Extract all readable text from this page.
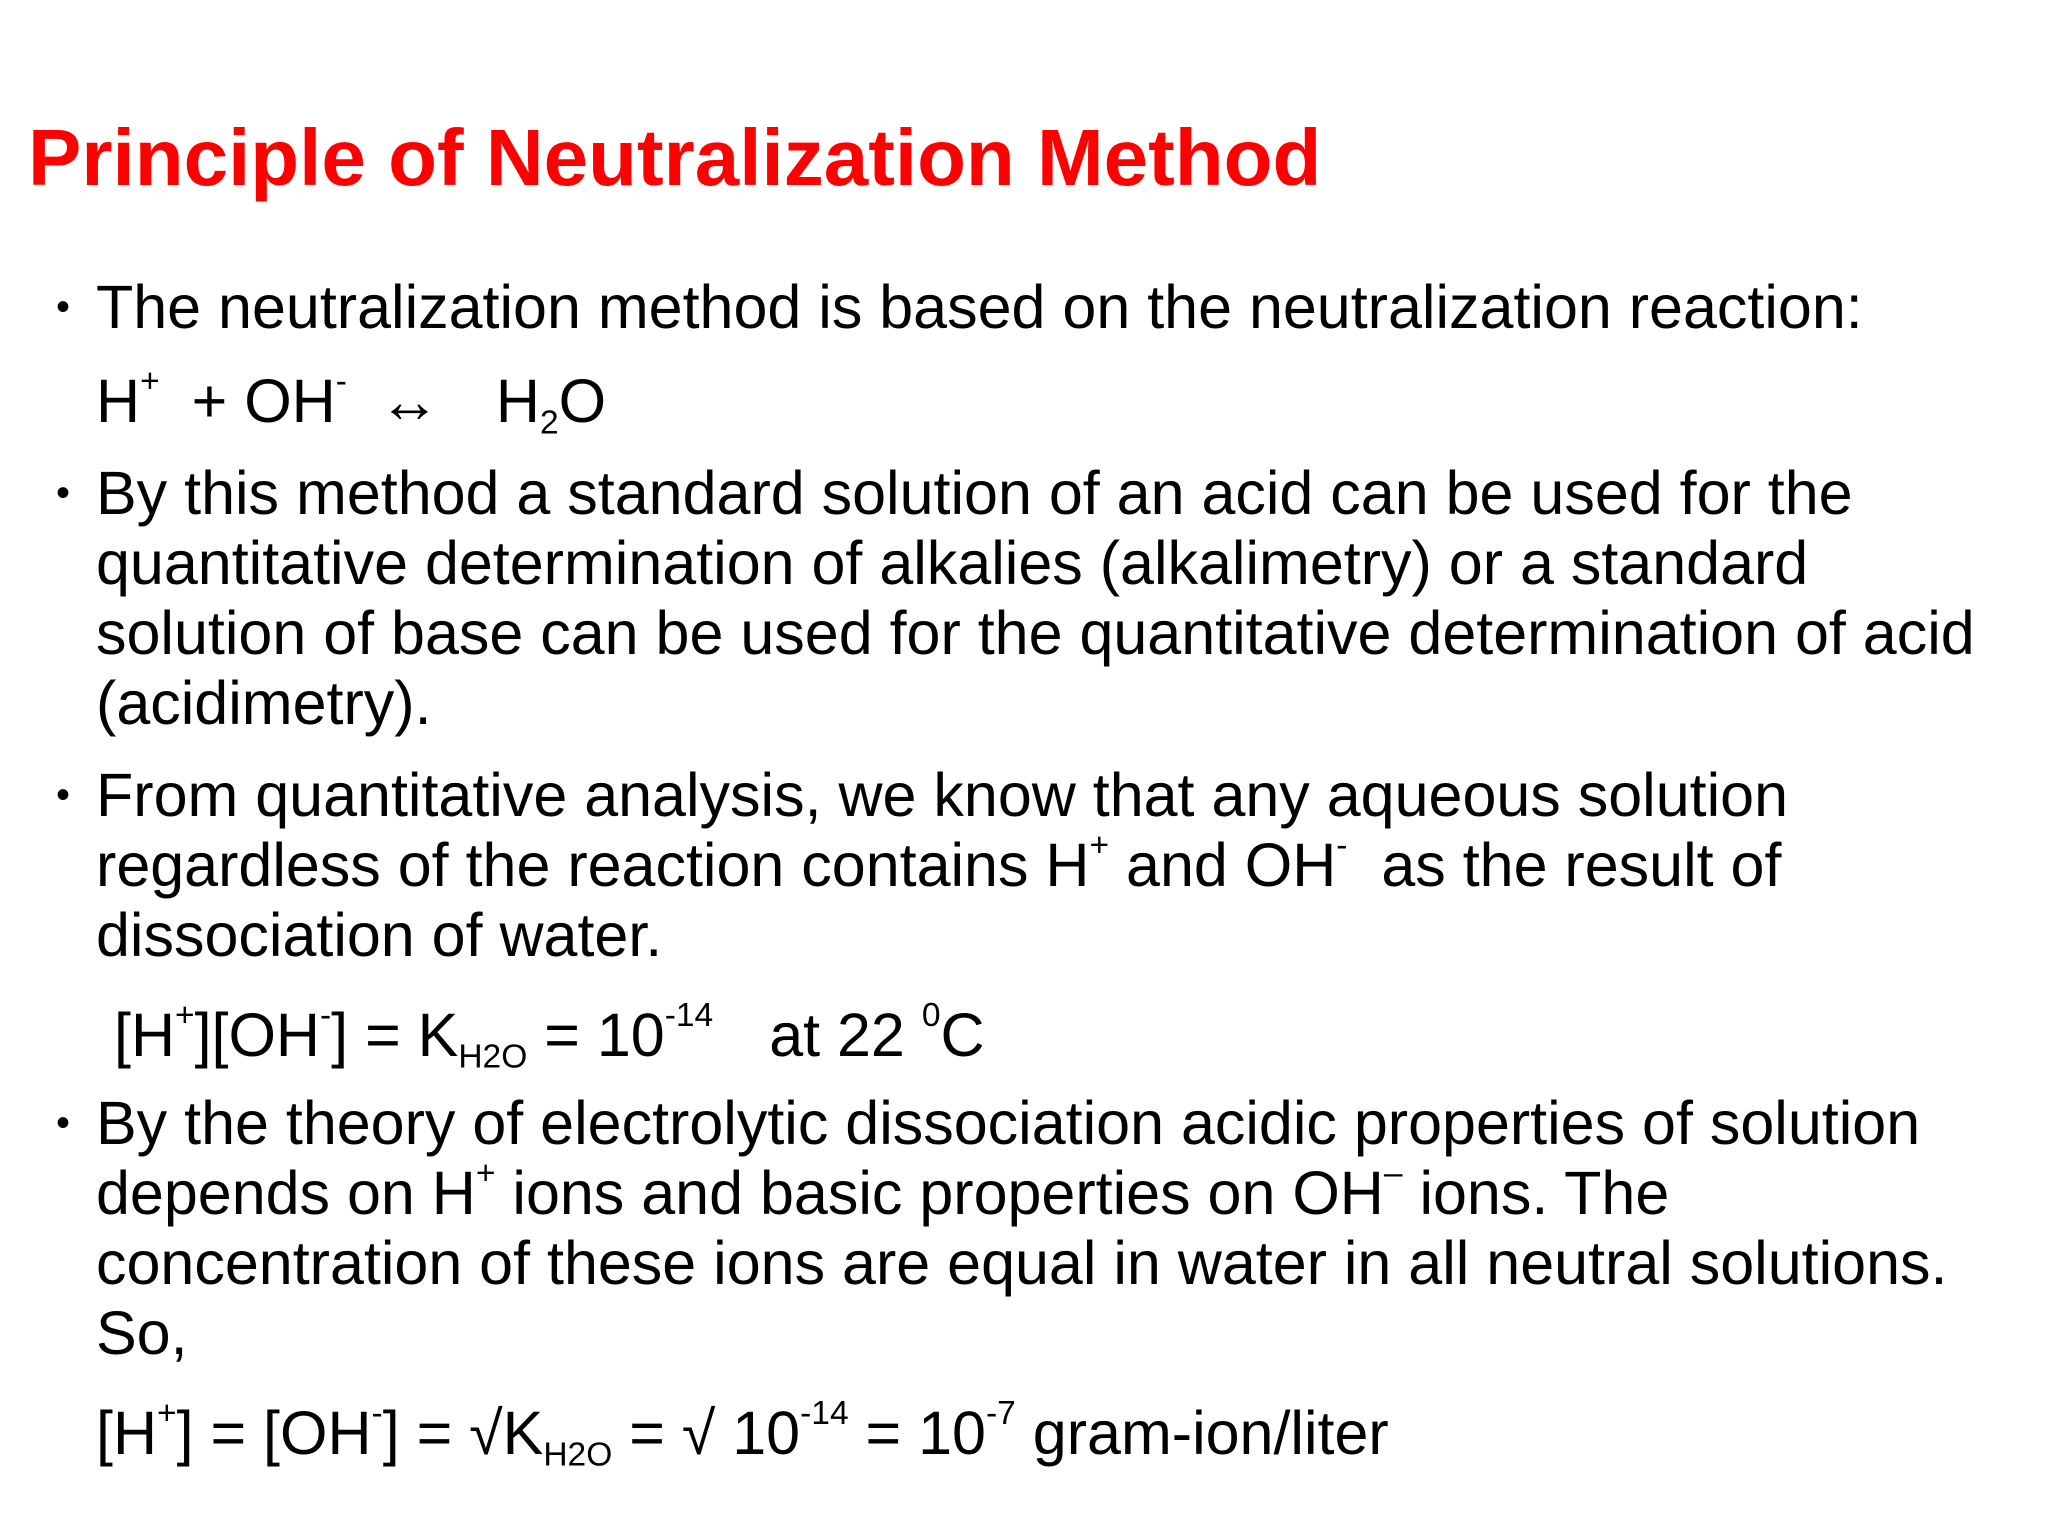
Principle of Neutralization Method

• The neutralization method is based on the neutralization reaction:

H+ + OH- ↔ $H_2O$

• By this method a standard solution of an acid can be used for the quantitative determination of alkalies (alkalimetry) or a standard solution of base can be used for the quantitative determination of acid (acidimetry).

• From quantitative analysis, we know that any aqueous solution regardless of the reaction contains H+ and OH-  as the result of dissociation of water.

$[H^+][OH^-] = K_{H2O} = 10^{-14}$ at 22 $^0$C

• By the theory of electrolytic dissociation acidic properties of solution depends on H+ ions and basic properties on OH– ions. The concentration of these ions are equal in water in all neutral solutions. So,

$[H^+] = [OH^-] = √K_{H2O}$ = √ $10^{-14} = 10^{-7}$ gram-ion/liter
